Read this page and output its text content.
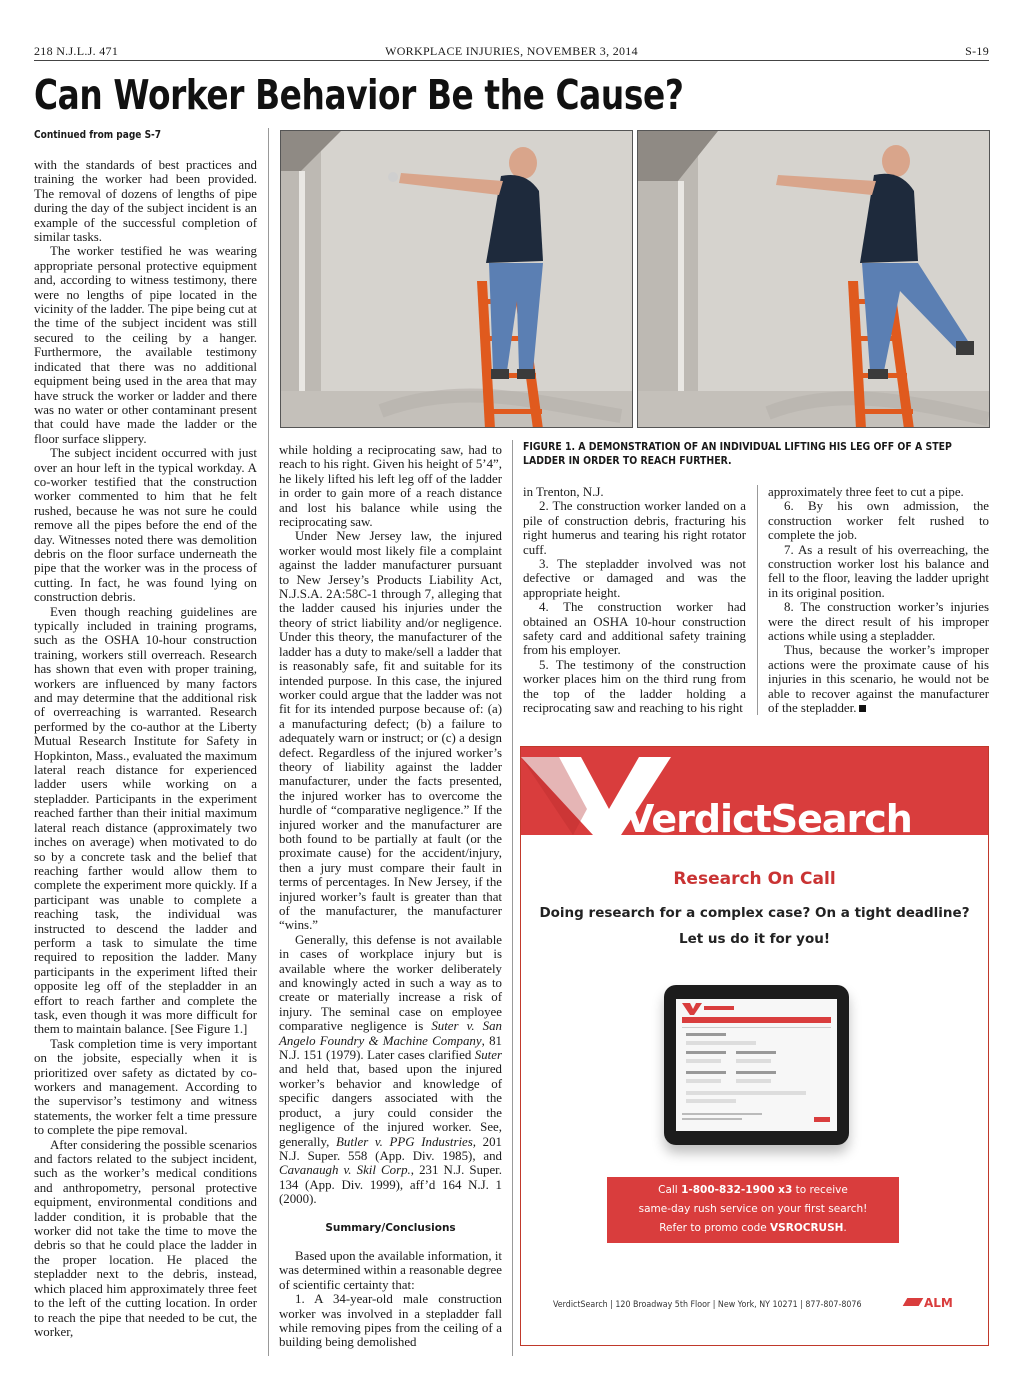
218 N.J.L.J. 471	WORKPLACE INJURIES, NOVEMBER 3, 2014	S-19
Can Worker Behavior Be the Cause?
Continued from page S-7

with the standards of best practices and training the worker had been provided. The removal of dozens of lengths of pipe during the day of the subject incident is an example of the successful completion of similar tasks.

The worker testified he was wearing appropriate personal protective equipment and, according to witness testimony, there were no lengths of pipe located in the vicinity of the ladder. The pipe being cut at the time of the subject incident was still secured to the ceiling by a hanger. Furthermore, the available testimony indicated that there was no additional equipment being used in the area that may have struck the worker or ladder and there was no water or other contaminant present that could have made the ladder or the floor surface slippery.

The subject incident occurred with just over an hour left in the typical workday. A co-worker testified that the construction worker commented to him that he felt rushed, because he was not sure he could remove all the pipes before the end of the day. Witnesses noted there was demolition debris on the floor surface underneath the pipe that the worker was in the process of cutting. In fact, he was found lying on construction debris.

Even though reaching guidelines are typically included in training programs, such as the OSHA 10-hour construction training, workers still overreach. Research has shown that even with proper training, workers are influenced by many factors and may determine that the additional risk of overreaching is warranted. Research performed by the co-author at the Liberty Mutual Research Institute for Safety in Hopkinton, Mass., evaluated the maximum lateral reach distance for experienced ladder users while working on a stepladder. Participants in the experiment reached farther than their initial maximum lateral reach distance (approximately two inches on average) when motivated to do so by a concrete task and the belief that reaching farther would allow them to complete the experiment more quickly. If a participant was unable to complete a reaching task, the individual was instructed to descend the ladder and perform a task to simulate the time required to reposition the ladder. Many participants in the experiment lifted their opposite leg off of the stepladder in an effort to reach farther and complete the task, even though it was more difficult for them to maintain balance. [See Figure 1.]

Task completion time is very important on the jobsite, especially when it is prioritized over safety as dictated by co-workers and management. According to the supervisor’s testimony and witness statements, the worker felt a time pressure to complete the pipe removal.

After considering the possible scenarios and factors related to the subject incident, such as the worker’s medical conditions and anthropometry, personal protective equipment, environmental conditions and ladder condition, it is probable that the worker did not take the time to move the debris so that he could place the ladder in the proper location. He placed the stepladder next to the debris, instead, which placed him approximately three feet to the left of the cutting location. In order to reach the pipe that needed to be cut, the worker,

FIGURE 1. A DEMONSTRATION OF AN INDIVIDUAL LIFTING HIS LEG OFF OF A STEP LADDER IN ORDER TO REACH FURTHER.

while holding a reciprocating saw, had to reach to his right. Given his height of 5’4”, he likely lifted his left leg off of the ladder in order to gain more of a reach distance and lost his balance while using the reciprocating saw.

Under New Jersey law, the injured worker would most likely file a complaint against the ladder manufacturer pursuant to New Jersey’s Products Liability Act, N.J.S.A. 2A:58C-1 through 7, alleging that the ladder caused his injuries under the theory of strict liability and/or negligence. Under this theory, the manufacturer of the ladder has a duty to make/sell a ladder that is reasonably safe, fit and suitable for its intended purpose. In this case, the injured worker could argue that the ladder was not fit for its intended purpose because of: (a) a manufacturing defect; (b) a failure to adequately warn or instruct; or (c) a design defect. Regardless of the injured worker’s theory of liability against the ladder manufacturer, under the facts presented, the injured worker has to overcome the hurdle of “comparative negligence.” If the injured worker and the manufacturer are both found to be partially at fault (or the proximate cause) for the accident/injury, then a jury must compare their fault in terms of percentages. In New Jersey, if the injured worker’s fault is greater than that of the manufacturer, the manufacturer “wins.”

Generally, this defense is not available in cases of workplace injury but is available where the worker deliberately and knowingly acted in such a way as to create or materially increase a risk of injury. The seminal case on employee comparative negligence is Suter v. San Angelo Foundry & Machine Company, 81 N.J. 151 (1979). Later cases clarified Suter and held that, based upon the injured worker’s behavior and knowledge of specific dangers associated with the product, a jury could consider the negligence of the injured worker. See, generally, Butler v. PPG Industries, 201 N.J. Super. 558 (App. Div. 1985), and Cavanaugh v. Skil Corp., 231 N.J. Super. 134 (App. Div. 1999), aff’d 164 N.J. 1 (2000).

Summary/Conclusions

Based upon the available information, it was determined within a reasonable degree of scientific certainty that:

1. A 34-year-old male construction worker was involved in a stepladder fall while removing pipes from the ceiling of a building being demolished

in Trenton, N.J.

2. The construction worker landed on a pile of construction debris, fracturing his right humerus and tearing his right rotator cuff.

3. The stepladder involved was not defective or damaged and was the appropriate height.

4. The construction worker had obtained an OSHA 10-hour construction safety card and additional safety training from his employer.

5. The testimony of the construction worker places him on the third rung from the top of the ladder holding a reciprocating saw and reaching to his right

approximately three feet to cut a pipe.

6. By his own admission, the construction worker felt rushed to complete the job.

7. As a result of his overreaching, the construction worker lost his balance and fell to the floor, leaving the ladder upright in its original position.

8. The construction worker’s injuries were the direct result of his improper actions while using a stepladder.

Thus, because the worker’s improper actions were the proximate cause of his injuries in this scenario, he would not be able to recover against the manufacturer of the stepladder.

VerdictSearch
Research On Call
Doing research for a complex case? On a tight deadline?
Let us do it for you!
Call 1-800-832-1900 x3 to receive
same-day rush service on your first search!
Refer to promo code VSROCRUSH.
VerdictSearch | 120 Broadway 5th Floor | New York, NY 10271 | 877-807-8076	ALM
